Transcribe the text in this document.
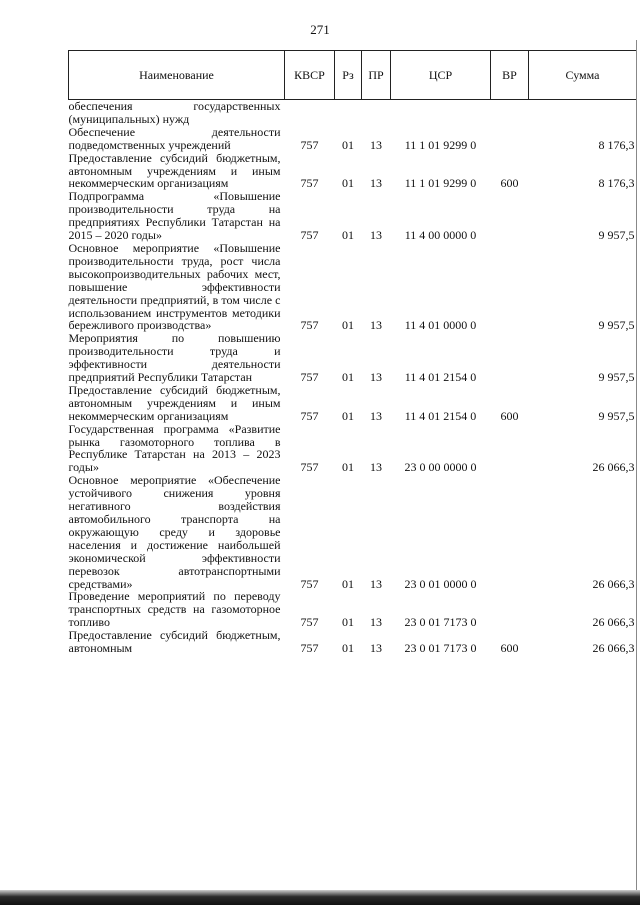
271
Наименование	КВСР	Рз	ПР	ЦСР	ВР	Сумма
обеспечения государственных (муниципальных) нужд						
Обеспечение деятельности подведомственных учреждений	757	01	13	11 1 01 9299 0		8 176,3
Предоставление субсидий бюджетным, автономным учреждениям и иным некоммерческим организациям	757	01	13	11 1 01 9299 0	600	8 176,3
Подпрограмма «Повышение производительности труда на предприятиях Республики Татарстан на 2015 – 2020 годы»	757	01	13	11 4 00 0000 0		9 957,5
Основное мероприятие «Повышение производительности труда, рост числа высокопроизводительных рабочих мест, повышение эффективности деятельности предприятий, в том числе с использованием инструментов методики бережливого производства»	757	01	13	11 4 01 0000 0		9 957,5
Мероприятия по повышению производительности труда и эффективности деятельности предприятий Республики Татарстан	757	01	13	11 4 01 2154 0		9 957,5
Предоставление субсидий бюджетным, автономным учреждениям и иным некоммерческим организациям	757	01	13	11 4 01 2154 0	600	9 957,5
Государственная программа «Развитие рынка газомоторного топлива в Республике Татарстан на 2013 – 2023 годы»	757	01	13	23 0 00 0000 0		26 066,3
Основное мероприятие «Обеспечение устойчивого снижения уровня негативного воздействия автомобильного транспорта на окружающую среду и здоровье населения и достижение наибольшей экономической эффективности перевозок автотранспортными средствами»	757	01	13	23 0 01 0000 0		26 066,3
Проведение мероприятий по переводу транспортных средств на газомоторное топливо	757	01	13	23 0 01 7173 0		26 066,3
Предоставление субсидий бюджетным, автономным	757	01	13	23 0 01 7173 0	600	26 066,3
